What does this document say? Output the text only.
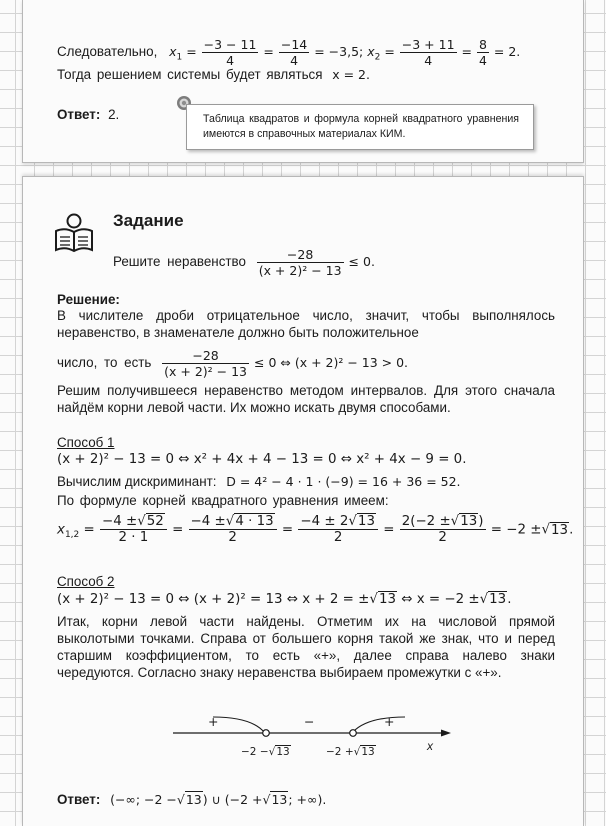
Следовательно, $x_1 = \frac{-3 - 11}{4} = \frac{-14}{4} = -3,5$; $x_2 = \frac{-3 + 11}{4} = \frac{8}{4} = 2$.
Тогда решением системы будет являться x = 2.
Ответ: 2.	Таблица квадратов и формула корней квадратного уравнения имеются в справочных материалах КИМ.
Задание
Решите неравенство $\frac{-28}{\text{(x + 2)² − 13}} \le 0$.
Решение:
В числителе дроби отрицательное число, значит, чтобы выполнялось неравенство, в знаменателе должно быть положительное
число, то есть $\frac{-28}{\text{(x + 2)² − 13}} \le 0$ ⇔ (x + 2)² − 13 > 0.
Решим получившееся неравенство методом интервалов. Для этого сначала найдём корни левой части. Их можно искать двумя способами.
Способ 1
(x + 2)² − 13 = 0 ⇔ x² + 4x + 4 − 13 = 0 ⇔ x² + 4x − 9 = 0.
Вычислим дискриминант: D = 4² − 4 · 1 · (−9) = 16 + 36 = 52.
По формуле корней квадратного уравнения имеем:
$x_{1,2} = \frac{-4 \pm√52}{2 \cdot 1} = \frac{-4 \pm√4 \cdot 13}{2} = \frac{-4 \pm 2√13}{2} = \frac{2(-2 \pm√13)}{2} = -2 \pm√13$.
Способ 2
(x + 2)² − 13 = 0 ⇔ (x + 2)² = 13 ⇔ x + 2 = ±√13 ⇔ x = −2 ±√13.
Итак, корни левой части найдены. Отметим их на числовой прямой выколотыми точками. Справа от большего корня такой же знак, что и перед старшим коэффициентом, то есть «+», далее справа налево знаки чередуются. Согласно знаку неравенства выбираем промежутки с «+».
+	−	+
x
−2 −√13	−2 +√13
Ответ: (−∞; −2 −√13) ∪ (−2 +√13; +∞).
